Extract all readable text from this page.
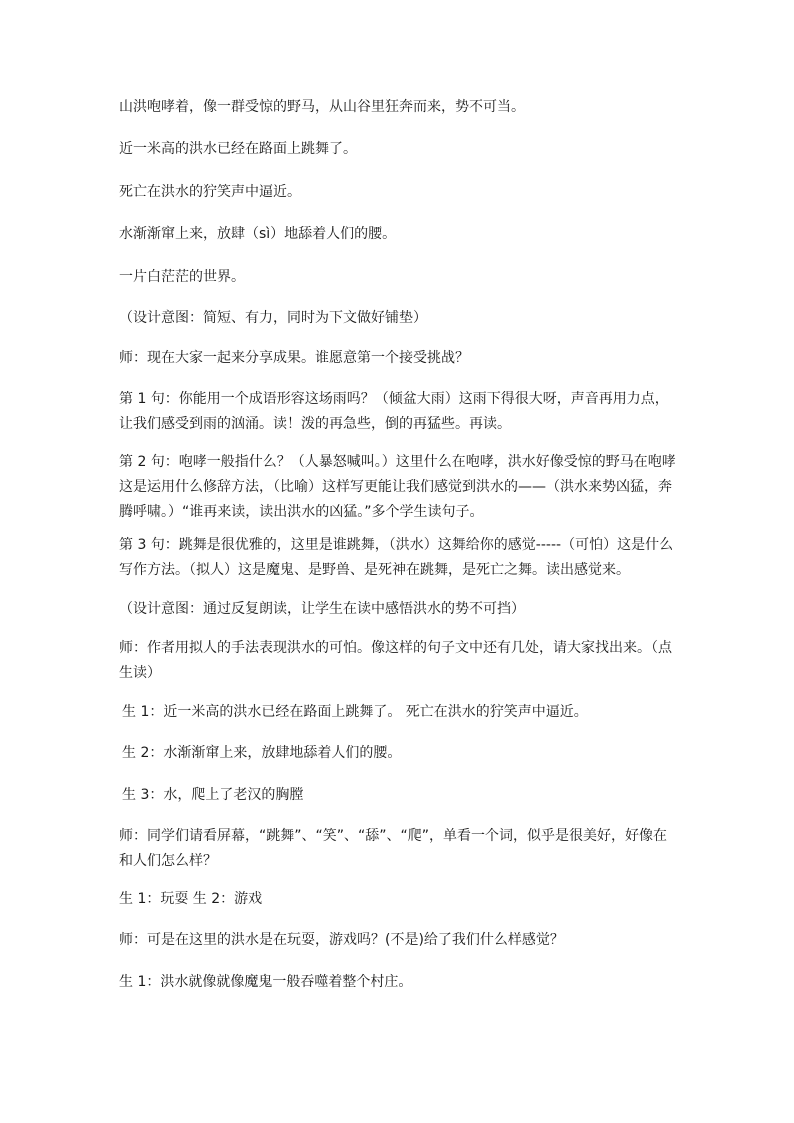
山洪咆哮着，像一群受惊的野马，从山谷里狂奔而来，势不可当。

近一米高的洪水已经在路面上跳舞了。

死亡在洪水的狞笑声中逼近。

水渐渐窜上来，放肆（sì）地舔着人们的腰。

一片白茫茫的世界。

（设计意图：简短、有力，同时为下文做好铺垫）

师：现在大家一起来分享成果。谁愿意第一个接受挑战？

第 1 句：你能用一个成语形容这场雨吗？（倾盆大雨）这雨下得很大呀，声音再用力点，让我们感受到雨的汹涌。读！泼的再急些，倒的再猛些。再读。

第 2 句：咆哮一般指什么？（人暴怒喊叫。）这里什么在咆哮，洪水好像受惊的野马在咆哮这是运用什么修辞方法，（比喻）这样写更能让我们感觉到洪水的——（洪水来势凶猛，奔腾呼啸。）“谁再来读，读出洪水的凶猛。”多个学生读句子。

第 3 句：跳舞是很优雅的，这里是谁跳舞，（洪水）这舞给你的感觉-----（可怕）这是什么写作方法。（拟人）这是魔鬼、是野兽、是死神在跳舞，是死亡之舞。读出感觉来。

（设计意图：通过反复朗读，让学生在读中感悟洪水的势不可挡）

师：作者用拟人的手法表现洪水的可怕。像这样的句子文中还有几处，请大家找出来。（点生读）

生 1：近一米高的洪水已经在路面上跳舞了。 死亡在洪水的狞笑声中逼近。

生 2：水渐渐窜上来，放肆地舔着人们的腰。

生 3：水，爬上了老汉的胸膛

师：同学们请看屏幕，“跳舞”、“笑”、“舔”、“爬”，单看一个词，似乎是很美好，好像在和人们怎么样？

生 1：玩耍 生 2：游戏

师：可是在这里的洪水是在玩耍，游戏吗？(不是)给了我们什么样感觉？

生 1：洪水就像就像魔鬼一般吞噬着整个村庄。
